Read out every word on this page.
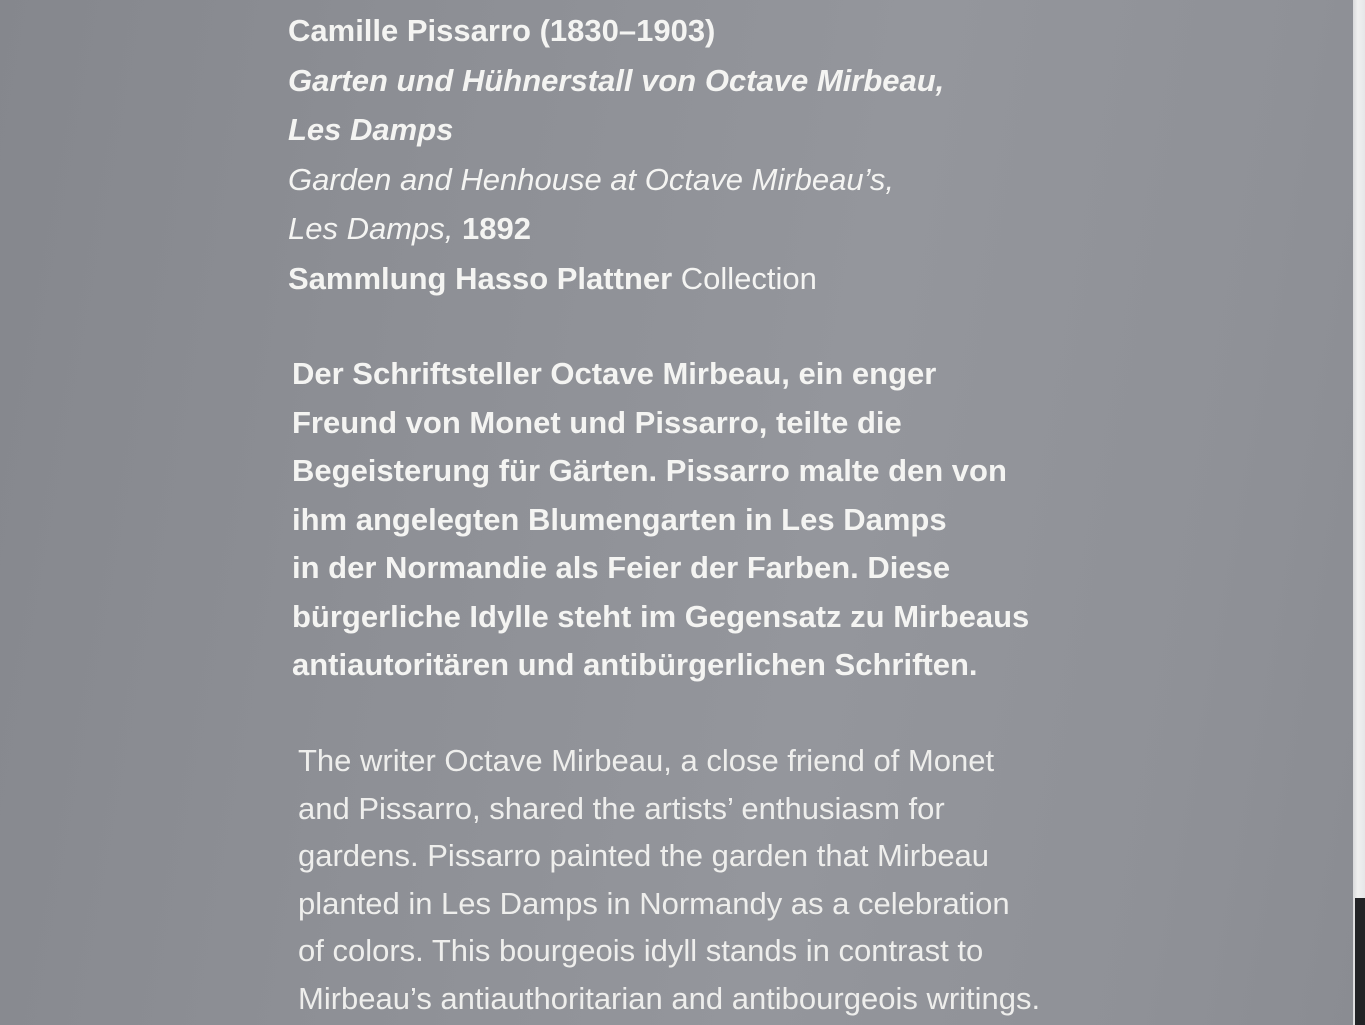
Camille Pissarro (1830–1903)
Garten und Hühnerstall von Octave Mirbeau,
Les Damps
Garden and Henhouse at Octave Mirbeau’s,
Les Damps, 1892
Sammlung Hasso Plattner Collection
Der Schriftsteller Octave Mirbeau, ein enger
Freund von Monet und Pissarro, teilte die
Begeisterung für Gärten. Pissarro malte den von
ihm angelegten Blumengarten in Les Damps
in der Normandie als Feier der Farben. Diese
bürgerliche Idylle steht im Gegensatz zu Mirbeaus
antiautoritären und antibürgerlichen Schriften.
The writer Octave Mirbeau, a close friend of Monet
and Pissarro, shared the artists’ enthusiasm for
gardens. Pissarro painted the garden that Mirbeau
planted in Les Damps in Normandy as a celebration
of colors. This bourgeois idyll stands in contrast to
Mirbeau’s antiauthoritarian and antibourgeois writings.
